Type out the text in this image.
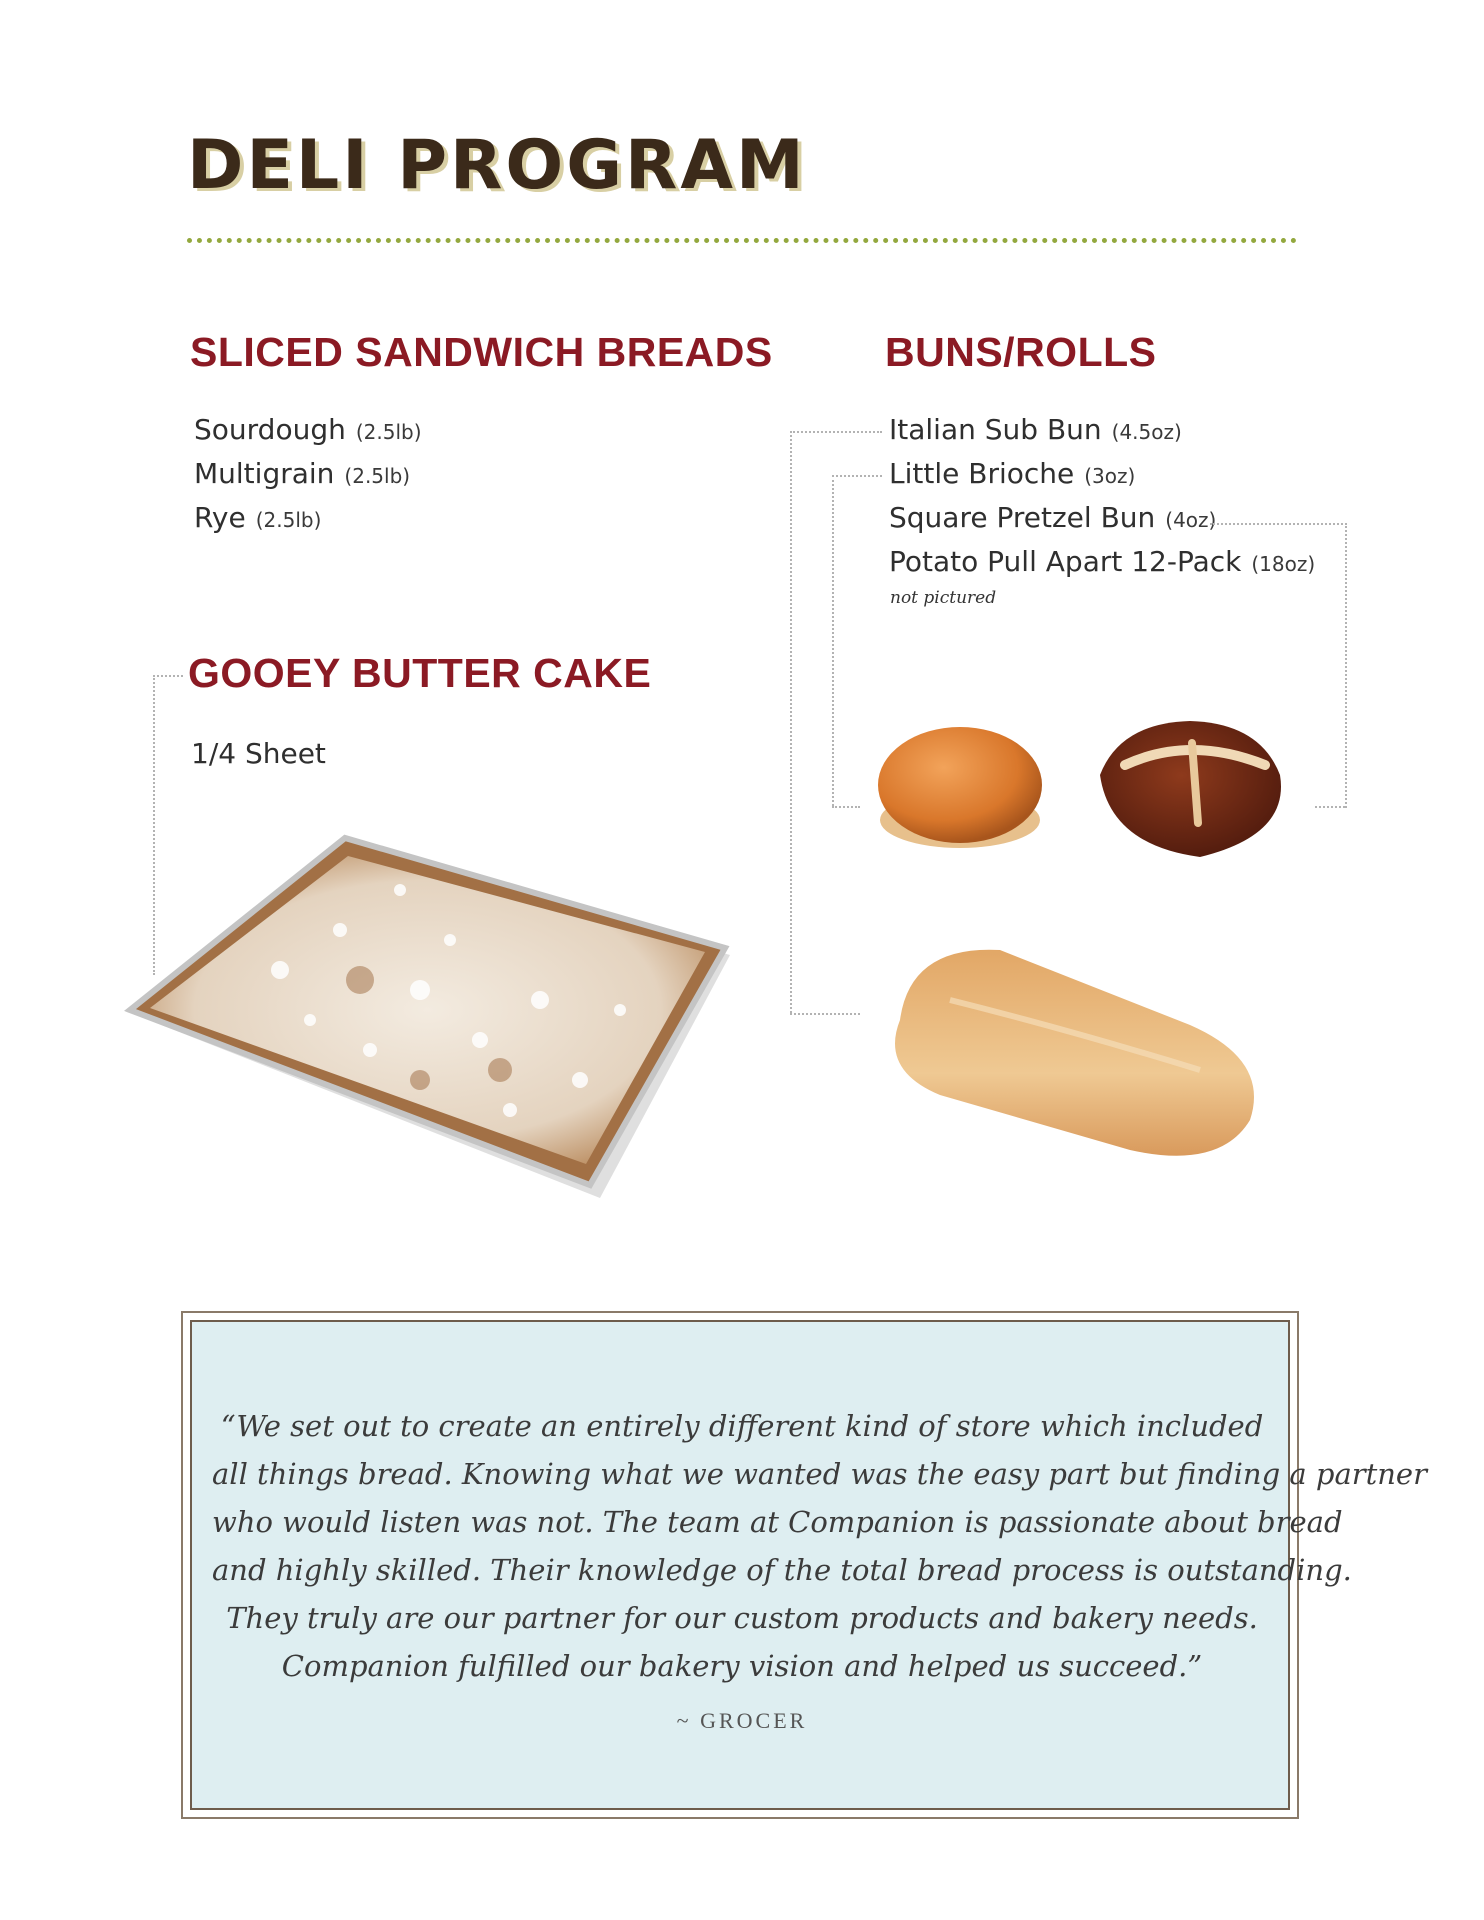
DELI PROGRAM
SLICED SANDWICH BREADS
Sourdough (2.5lb)
Multigrain (2.5lb)
Rye (2.5lb)
BUNS/ROLLS
Italian Sub Bun (4.5oz)
Little Brioche (3oz)
Square Pretzel Bun (4oz)
Potato Pull Apart 12-Pack (18oz)
not pictured
GOOEY BUTTER CAKE
1/4 Sheet
“We set out to create an entirely different kind of store which included
all things bread. Knowing what we wanted was the easy part but finding a partner
who would listen was not. The team at Companion is passionate about bread
and highly skilled. Their knowledge of the total bread process is outstanding.
They truly are our partner for our custom products and bakery needs.
Companion fulfilled our bakery vision and helped us succeed.”
~ GROCER
